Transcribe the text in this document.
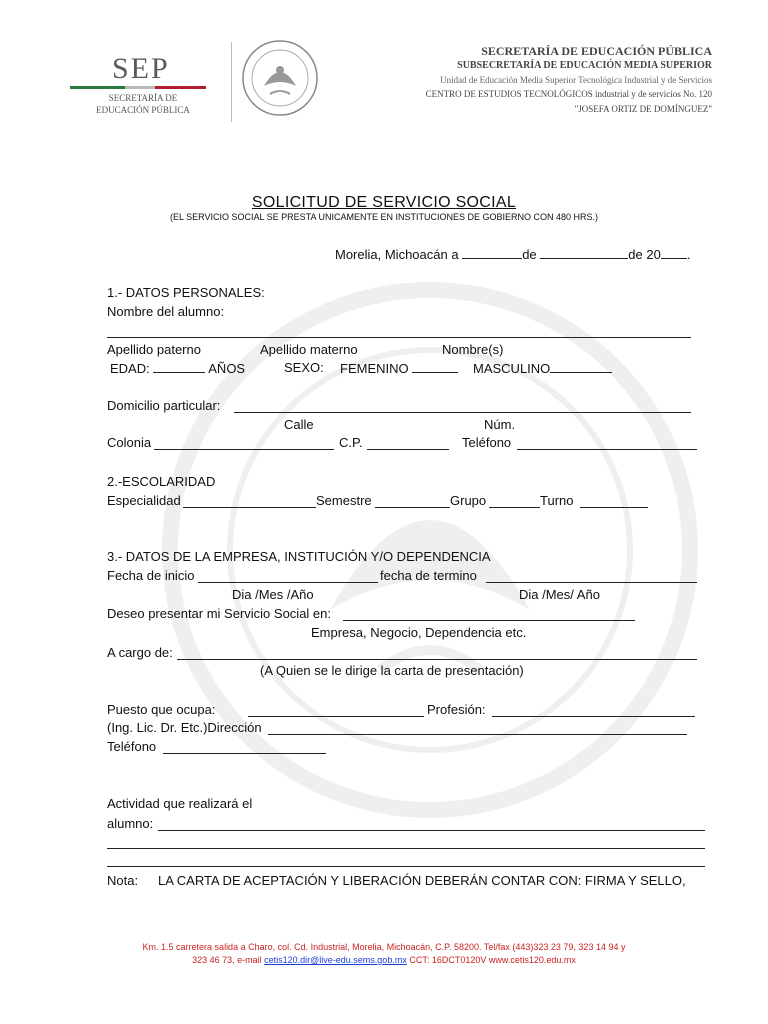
SEP
SECRETARÍA DE
EDUCACIÓN PÚBLICA
SECRETARÍA DE EDUCACIÓN PÚBLICA
SUBSECRETARÍA DE EDUCACIÓN MEDIA SUPERIOR
Unidad de Educación Media Superior Tecnológica Industrial y de Servicios
CENTRO DE ESTUDIOS TECNOLÓGICOS industrial y de servicios No. 120
"JOSEFA ORTIZ DE DOMÍNGUEZ"
SOLICITUD DE SERVICIO SOCIAL
(EL SERVICIO SOCIAL SE PRESTA UNICAMENTE EN INSTITUCIONES DE GOBIERNO CON 480 HRS.)
Morelia, Michoacán a	de	de 20 .
1.- DATOS PERSONALES:
Nombre del alumno:
Apellido paterno	Apellido materno	Nombre(s)
EDAD:	AÑOS	SEXO: FEMENINO	MASCULINO
Domicilio particular:
Calle	Núm.
Colonia	C.P.	Teléfono
2.-ESCOLARIDAD
Especialidad	Semestre	Grupo	Turno
3.- DATOS DE LA EMPRESA, INSTITUCIÓN Y/O DEPENDENCIA
Fecha de inicio	fecha de termino
Dia /Mes /Año	Dia /Mes/ Año
Deseo presentar mi Servicio Social en:
Empresa, Negocio, Dependencia etc.
A cargo de:
(A Quien se le dirige la carta de presentación)
Puesto que ocupa:	Profesión:
(Ing. Lic. Dr. Etc.)Dirección
Teléfono
Actividad que realizará el
alumno:
Nota: LA CARTA DE ACEPTACIÓN Y LIBERACIÓN DEBERÁN CONTAR CON: FIRMA Y SELLO,
Km. 1.5 carretera salida a Charo, col. Cd. Industrial, Morelia, Michoacán, C.P. 58200. Tel/fax (443)323 23 79, 323 14 94 y
323 46 73, e-mail cetis120.dir@live-edu.sems.gob.mx CCT: 16DCT0120V www.cetis120.edu.mx
